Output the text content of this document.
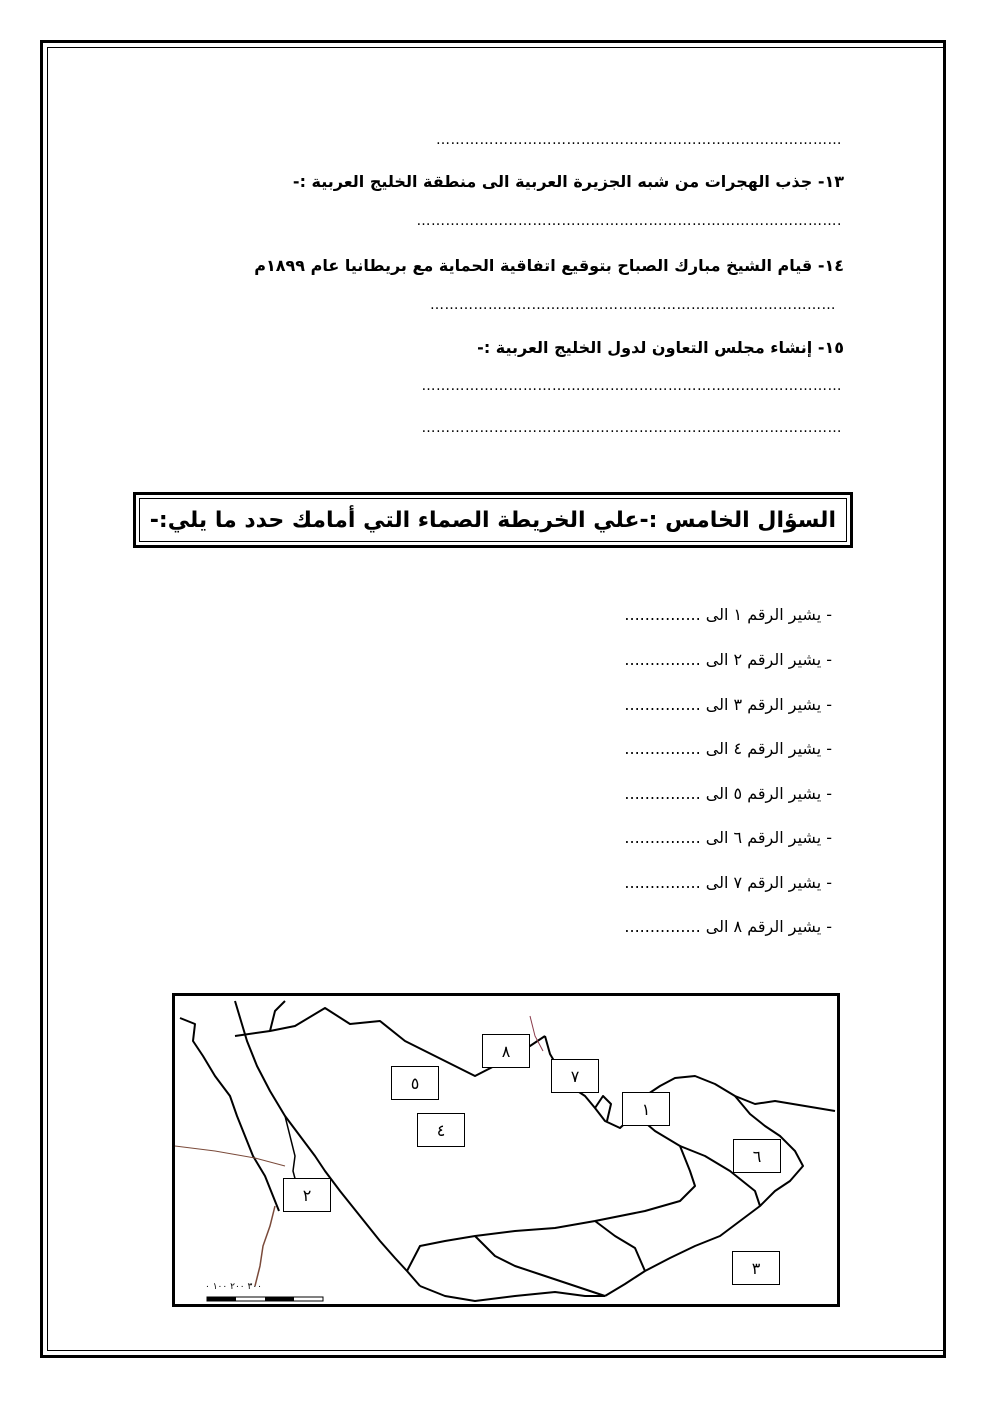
…………………………………………………………………………
١٣- جذب الهجرات من شبه الجزيرة العربية الى منطقة الخليج العربية :-
…………………………………………………………………………….
١٤- قيام الشيخ مبارك الصباح بتوقيع اتفاقية الحماية مع بريطانيا عام ١٨٩٩م
…………………………………………………………………………
١٥- إنشاء مجلس التعاون لدول الخليج العربية :-
……………………………………………………………………………
……………………………………………………………………………
السؤال الخامس :-علي الخريطة الصماء التي أمامك حدد ما يلي:-
- يشير الرقم ١ الى ...............
- يشير الرقم ٢ الى ...............
- يشير الرقم ٣ الى ...............
- يشير الرقم ٤ الى ...............
- يشير الرقم ٥ الى ...............
- يشير الرقم ٦ الى ...............
- يشير الرقم ٧ الى ...............
- يشير الرقم ٨ الى ...............
٣٠٠ ٢٠٠ ١٠٠ ٠
٨
٥	٧
١
٤
٦
٢
٣
